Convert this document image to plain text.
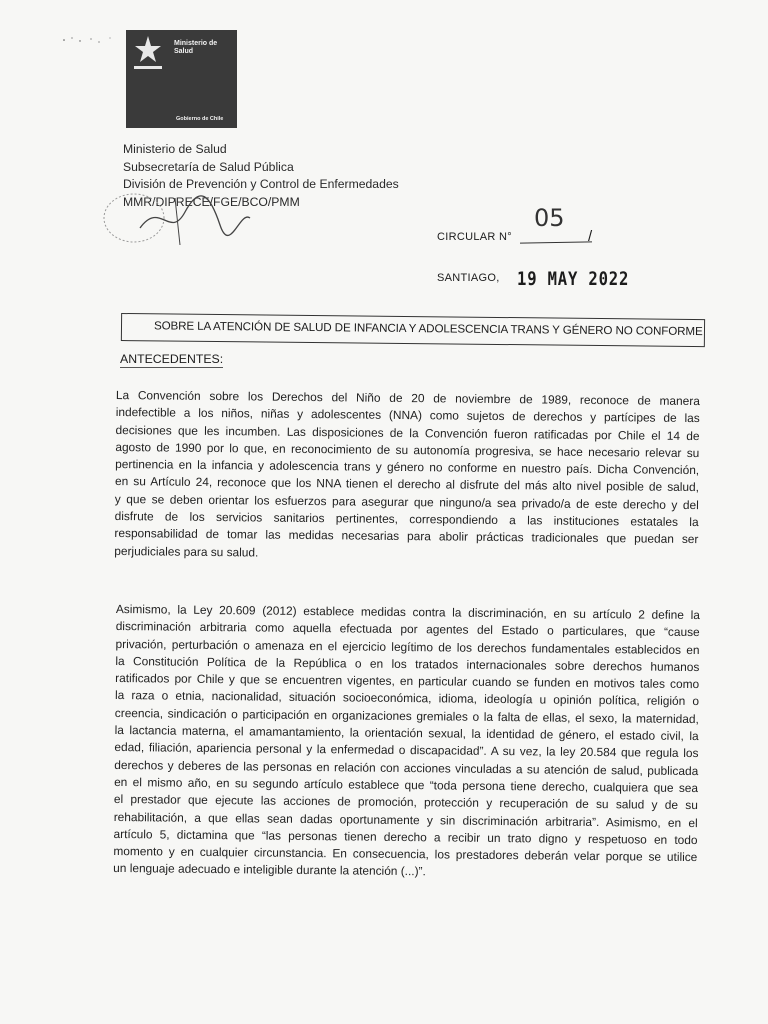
Ministerio de
Salud
Gobierno de Chile
Ministerio de Salud
Subsecretaría de Salud Pública
División de Prevención y Control de Enfermedades
MMR/DIPRECE/FGE/BCO/PMM
CIRCULAR N°
05
/
SANTIAGO, 19 MAY 2022
SOBRE LA ATENCIÓN DE SALUD DE INFANCIA Y ADOLESCENCIA TRANS Y GÉNERO NO CONFORME
ANTECEDENTES:
La Convención sobre los Derechos del Niño de 20 de noviembre de 1989, reconoce de manera
indefectible a los niños, niñas y adolescentes (NNA) como sujetos de derechos y partícipes de las
decisiones que les incumben. Las disposiciones de la Convención fueron ratificadas por Chile el 14 de
agosto de 1990 por lo que, en reconocimiento de su autonomía progresiva, se hace necesario relevar su
pertinencia en la infancia y adolescencia trans y género no conforme en nuestro país. Dicha Convención,
en su Artículo 24, reconoce que los NNA tienen el derecho al disfrute del más alto nivel posible de salud,
y que se deben orientar los esfuerzos para asegurar que ninguno/a sea privado/a de este derecho y del
disfrute de los servicios sanitarios pertinentes, correspondiendo a las instituciones estatales la
responsabilidad de tomar las medidas necesarias para abolir prácticas tradicionales que puedan ser
perjudiciales para su salud.
Asimismo, la Ley 20.609 (2012) establece medidas contra la discriminación, en su artículo 2 define la
discriminación arbitraria como aquella efectuada por agentes del Estado o particulares, que “cause
privación, perturbación o amenaza en el ejercicio legítimo de los derechos fundamentales establecidos en
la Constitución Política de la República o en los tratados internacionales sobre derechos humanos
ratificados por Chile y que se encuentren vigentes, en particular cuando se funden en motivos tales como
la raza o etnia, nacionalidad, situación socioeconómica, idioma, ideología u opinión política, religión o
creencia, sindicación o participación en organizaciones gremiales o la falta de ellas, el sexo, la maternidad,
la lactancia materna, el amamantamiento, la orientación sexual, la identidad de género, el estado civil, la
edad, filiación, apariencia personal y la enfermedad o discapacidad”. A su vez, la ley 20.584 que regula los
derechos y deberes de las personas en relación con acciones vinculadas a su atención de salud, publicada
en el mismo año, en su segundo artículo establece que “toda persona tiene derecho, cualquiera que sea
el prestador que ejecute las acciones de promoción, protección y recuperación de su salud y de su
rehabilitación, a que ellas sean dadas oportunamente y sin discriminación arbitraria”. Asimismo, en el
artículo 5, dictamina que “las personas tienen derecho a recibir un trato digno y respetuoso en todo
momento y en cualquier circunstancia. En consecuencia, los prestadores deberán velar porque se utilice
un lenguaje adecuado e inteligible durante la atención (...)”.
